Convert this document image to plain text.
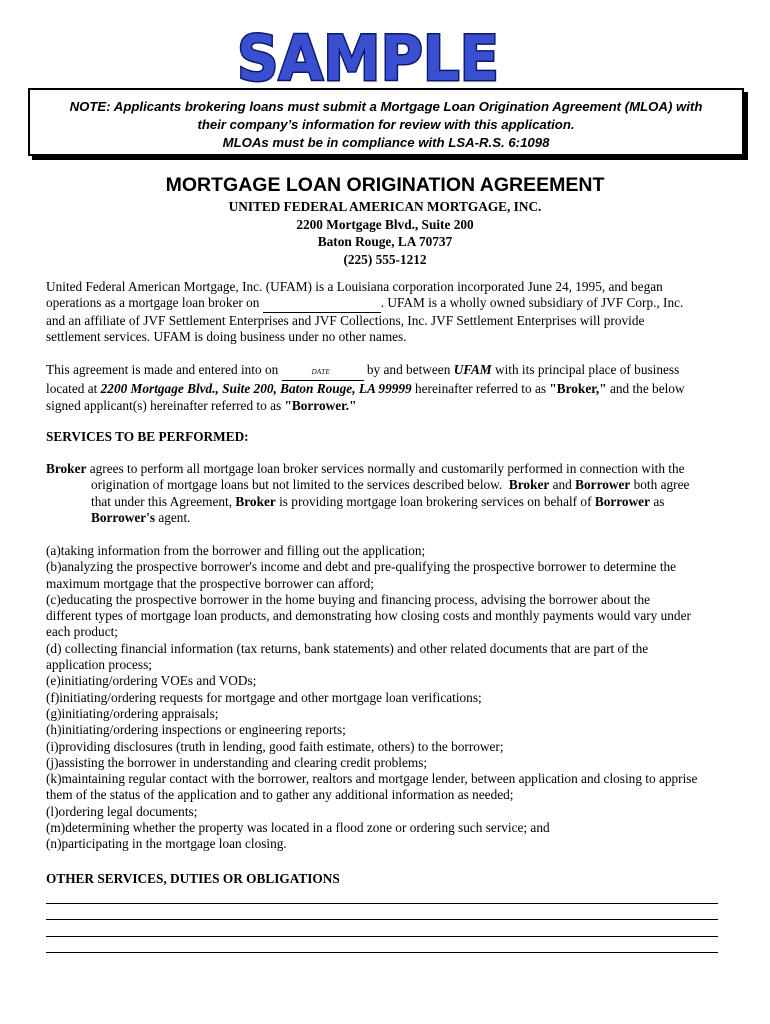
SAMPLE
NOTE: Applicants brokering loans must submit a Mortgage Loan Origination Agreement (MLOA) with
their company’s information for review with this application.
MLOAs must be in compliance with LSA-R.S. 6:1098
MORTGAGE LOAN ORIGINATION AGREEMENT
UNITED FEDERAL AMERICAN MORTGAGE, INC.
2200 Mortgage Blvd., Suite 200
Baton Rouge, LA 70737
(225) 555-1212
United Federal American Mortgage, Inc. (UFAM) is a Louisiana corporation incorporated June 24, 1995, and began
operations as a mortgage loan broker on	. UFAM is a wholly owned subsidiary of JVF Corp., Inc.
and an affiliate of JVF Settlement Enterprises and JVF Collections, Inc. JVF Settlement Enterprises will provide
settlement services. UFAM is doing business under no other names.
This agreement is made and entered into on	DATE	by and between UFAM with its principal place of business
located at 2200 Mortgage Blvd., Suite 200, Baton Rouge, LA 99999 hereinafter referred to as "Broker," and the below
signed applicant(s) hereinafter referred to as "Borrower."
SERVICES TO BE PERFORMED:
Broker agrees to perform all mortgage loan broker services normally and customarily performed in connection with the
origination of mortgage loans but not limited to the services described below. Broker and Borrower both agree
that under this Agreement, Broker is providing mortgage loan brokering services on behalf of Borrower as
Borrower's agent.
(a)taking information from the borrower and filling out the application;
(b)analyzing the prospective borrower's income and debt and pre-qualifying the prospective borrower to determine the
maximum mortgage that the prospective borrower can afford;
(c)educating the prospective borrower in the home buying and financing process, advising the borrower about the
different types of mortgage loan products, and demonstrating how closing costs and monthly payments would vary under
each product;
(d) collecting financial information (tax returns, bank statements) and other related documents that are part of the
application process;
(e)initiating/ordering VOEs and VODs;
(f)initiating/ordering requests for mortgage and other mortgage loan verifications;
(g)initiating/ordering appraisals;
(h)initiating/ordering inspections or engineering reports;
(i)providing disclosures (truth in lending, good faith estimate, others) to the borrower;
(j)assisting the borrower in understanding and clearing credit problems;
(k)maintaining regular contact with the borrower, realtors and mortgage lender, between application and closing to apprise
them of the status of the application and to gather any additional information as needed;
(l)ordering legal documents;
(m)determining whether the property was located in a flood zone or ordering such service; and
(n)participating in the mortgage loan closing.
OTHER SERVICES, DUTIES OR OBLIGATIONS
